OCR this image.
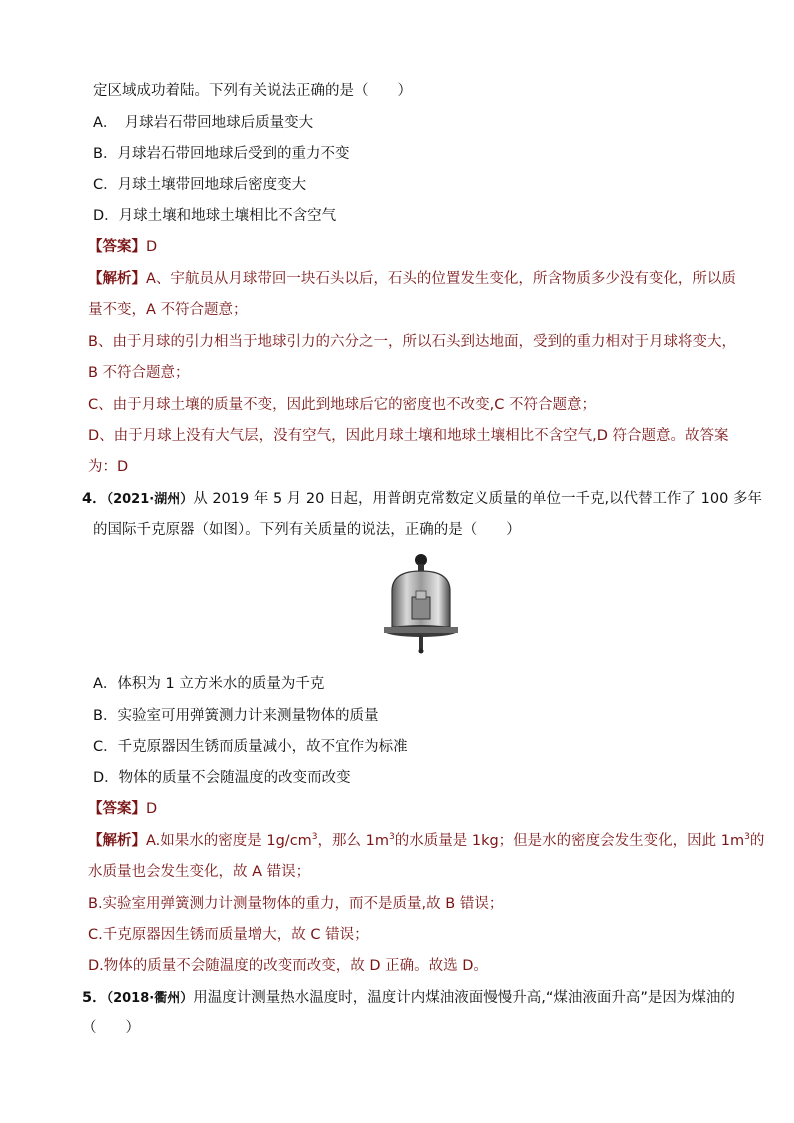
定区域成功着陆。下列有关说法正确的是（　　）
A．　月球岩石带回地球后质量变大
B．月球岩石带回地球后受到的重力不变
C．月球土壤带回地球后密度变大
D．月球土壤和地球土壤相比不含空气
【答案】D
【解析】A、宇航员从月球带回一块石头以后，石头的位置发生变化，所含物质多少没有变化，所以质
量不变，A 不符合题意；
B、由于月球的引力相当于地球引力的六分之一，所以石头到达地面，受到的重力相对于月球将变大，
B 不符合题意；
C、由于月球土壤的质量不变，因此到地球后它的密度也不改变,C 不符合题意；
D、由于月球上没有大气层，没有空气，因此月球土壤和地球土壤相比不含空气,D 符合题意。故答案
为：D
4．（2021·湖州）从 2019 年 5 月 20 日起，用普朗克常数定义质量的单位一千克,以代替工作了 100 多年
的国际千克原器（如图）。下列有关质量的说法，正确的是（　　）
A．体积为 1 立方米水的质量为千克
B．实验室可用弹簧测力计来测量物体的质量
C．千克原器因生锈而质量减小，故不宜作为标准
D．物体的质量不会随温度的改变而改变
【答案】D
【解析】A.如果水的密度是 $1g/cm^3$，那么 $1m^3$的水质量是 1kg；但是水的密度会发生变化，因此 $1m^3$的
水质量也会发生变化，故 A 错误；
B.实验室用弹簧测力计测量物体的重力，而不是质量,故 B 错误；
C.千克原器因生锈而质量增大，故 C 错误；
D.物体的质量不会随温度的改变而改变，故 D 正确。故选 D。
5．（2018·衢州）用温度计测量热水温度时，温度计内煤油液面慢慢升高,“煤油液面升高”是因为煤油的
（　　）
